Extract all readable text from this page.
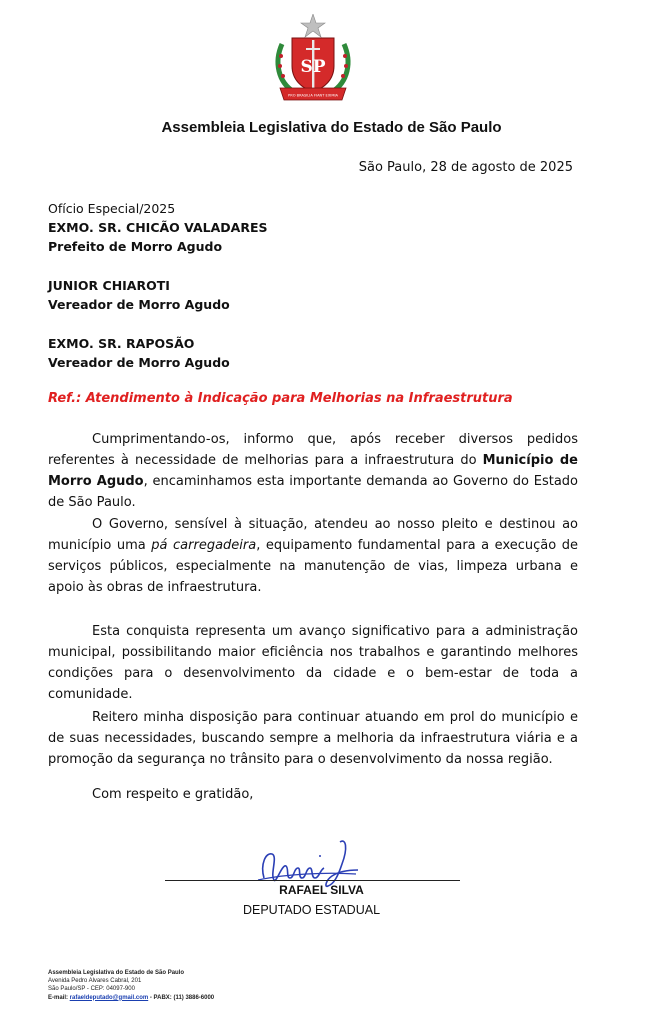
SP
PRO BRASILIA FIANT EXIMIA
Assembleia Legislativa do Estado de São Paulo
São Paulo, 28 de agosto de 2025
Ofício Especial/2025
EXMO. SR. CHICÃO VALADARES
Prefeito de Morro Agudo
JUNIOR CHIAROTI
Vereador de Morro Agudo
EXMO. SR. RAPOSÃO
Vereador de Morro Agudo
Ref.: Atendimento à Indicação para Melhorias na Infraestrutura
Cumprimentando-os, informo que, após receber diversos pedidos referentes à necessidade de melhorias para a infraestrutura do Município de Morro Agudo, encaminhamos esta importante demanda ao Governo do Estado de São Paulo.
O Governo, sensível à situação, atendeu ao nosso pleito e destinou ao município uma pá carregadeira, equipamento fundamental para a execução de serviços públicos, especialmente na manutenção de vias, limpeza urbana e apoio às obras de infraestrutura.
Esta conquista representa um avanço significativo para a administração municipal, possibilitando maior eficiência nos trabalhos e garantindo melhores condições para o desenvolvimento da cidade e o bem-estar de toda a comunidade.
Reitero minha disposição para continuar atuando em prol do município e de suas necessidades, buscando sempre a melhoria da infraestrutura viária e a promoção da segurança no trânsito para o desenvolvimento da nossa região.
Com respeito e gratidão,
RAFAEL SILVA
DEPUTADO ESTADUAL
Assembleia Legislativa do Estado de São Paulo
Avenida Pedro Alvares Cabral, 201
São Paulo/SP - CEP: 04097-900
E-mail: rafaeldeputado@gmail.com - PABX: (11) 3886-6000
